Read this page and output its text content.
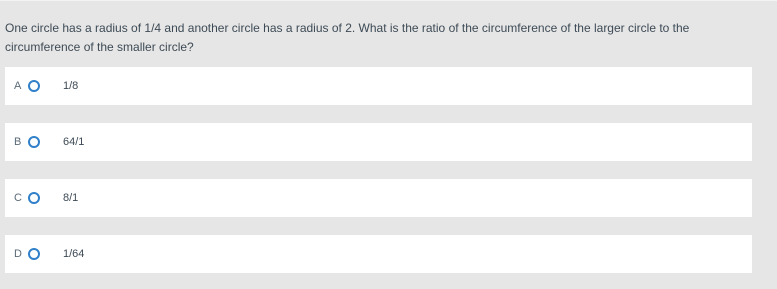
One circle has a radius of 1/4 and another circle has a radius of 2. What is the ratio of the circumference of the larger circle to the circumference of the smaller circle?
A	1/8
B	64/1
C	8/1
D	1/64
